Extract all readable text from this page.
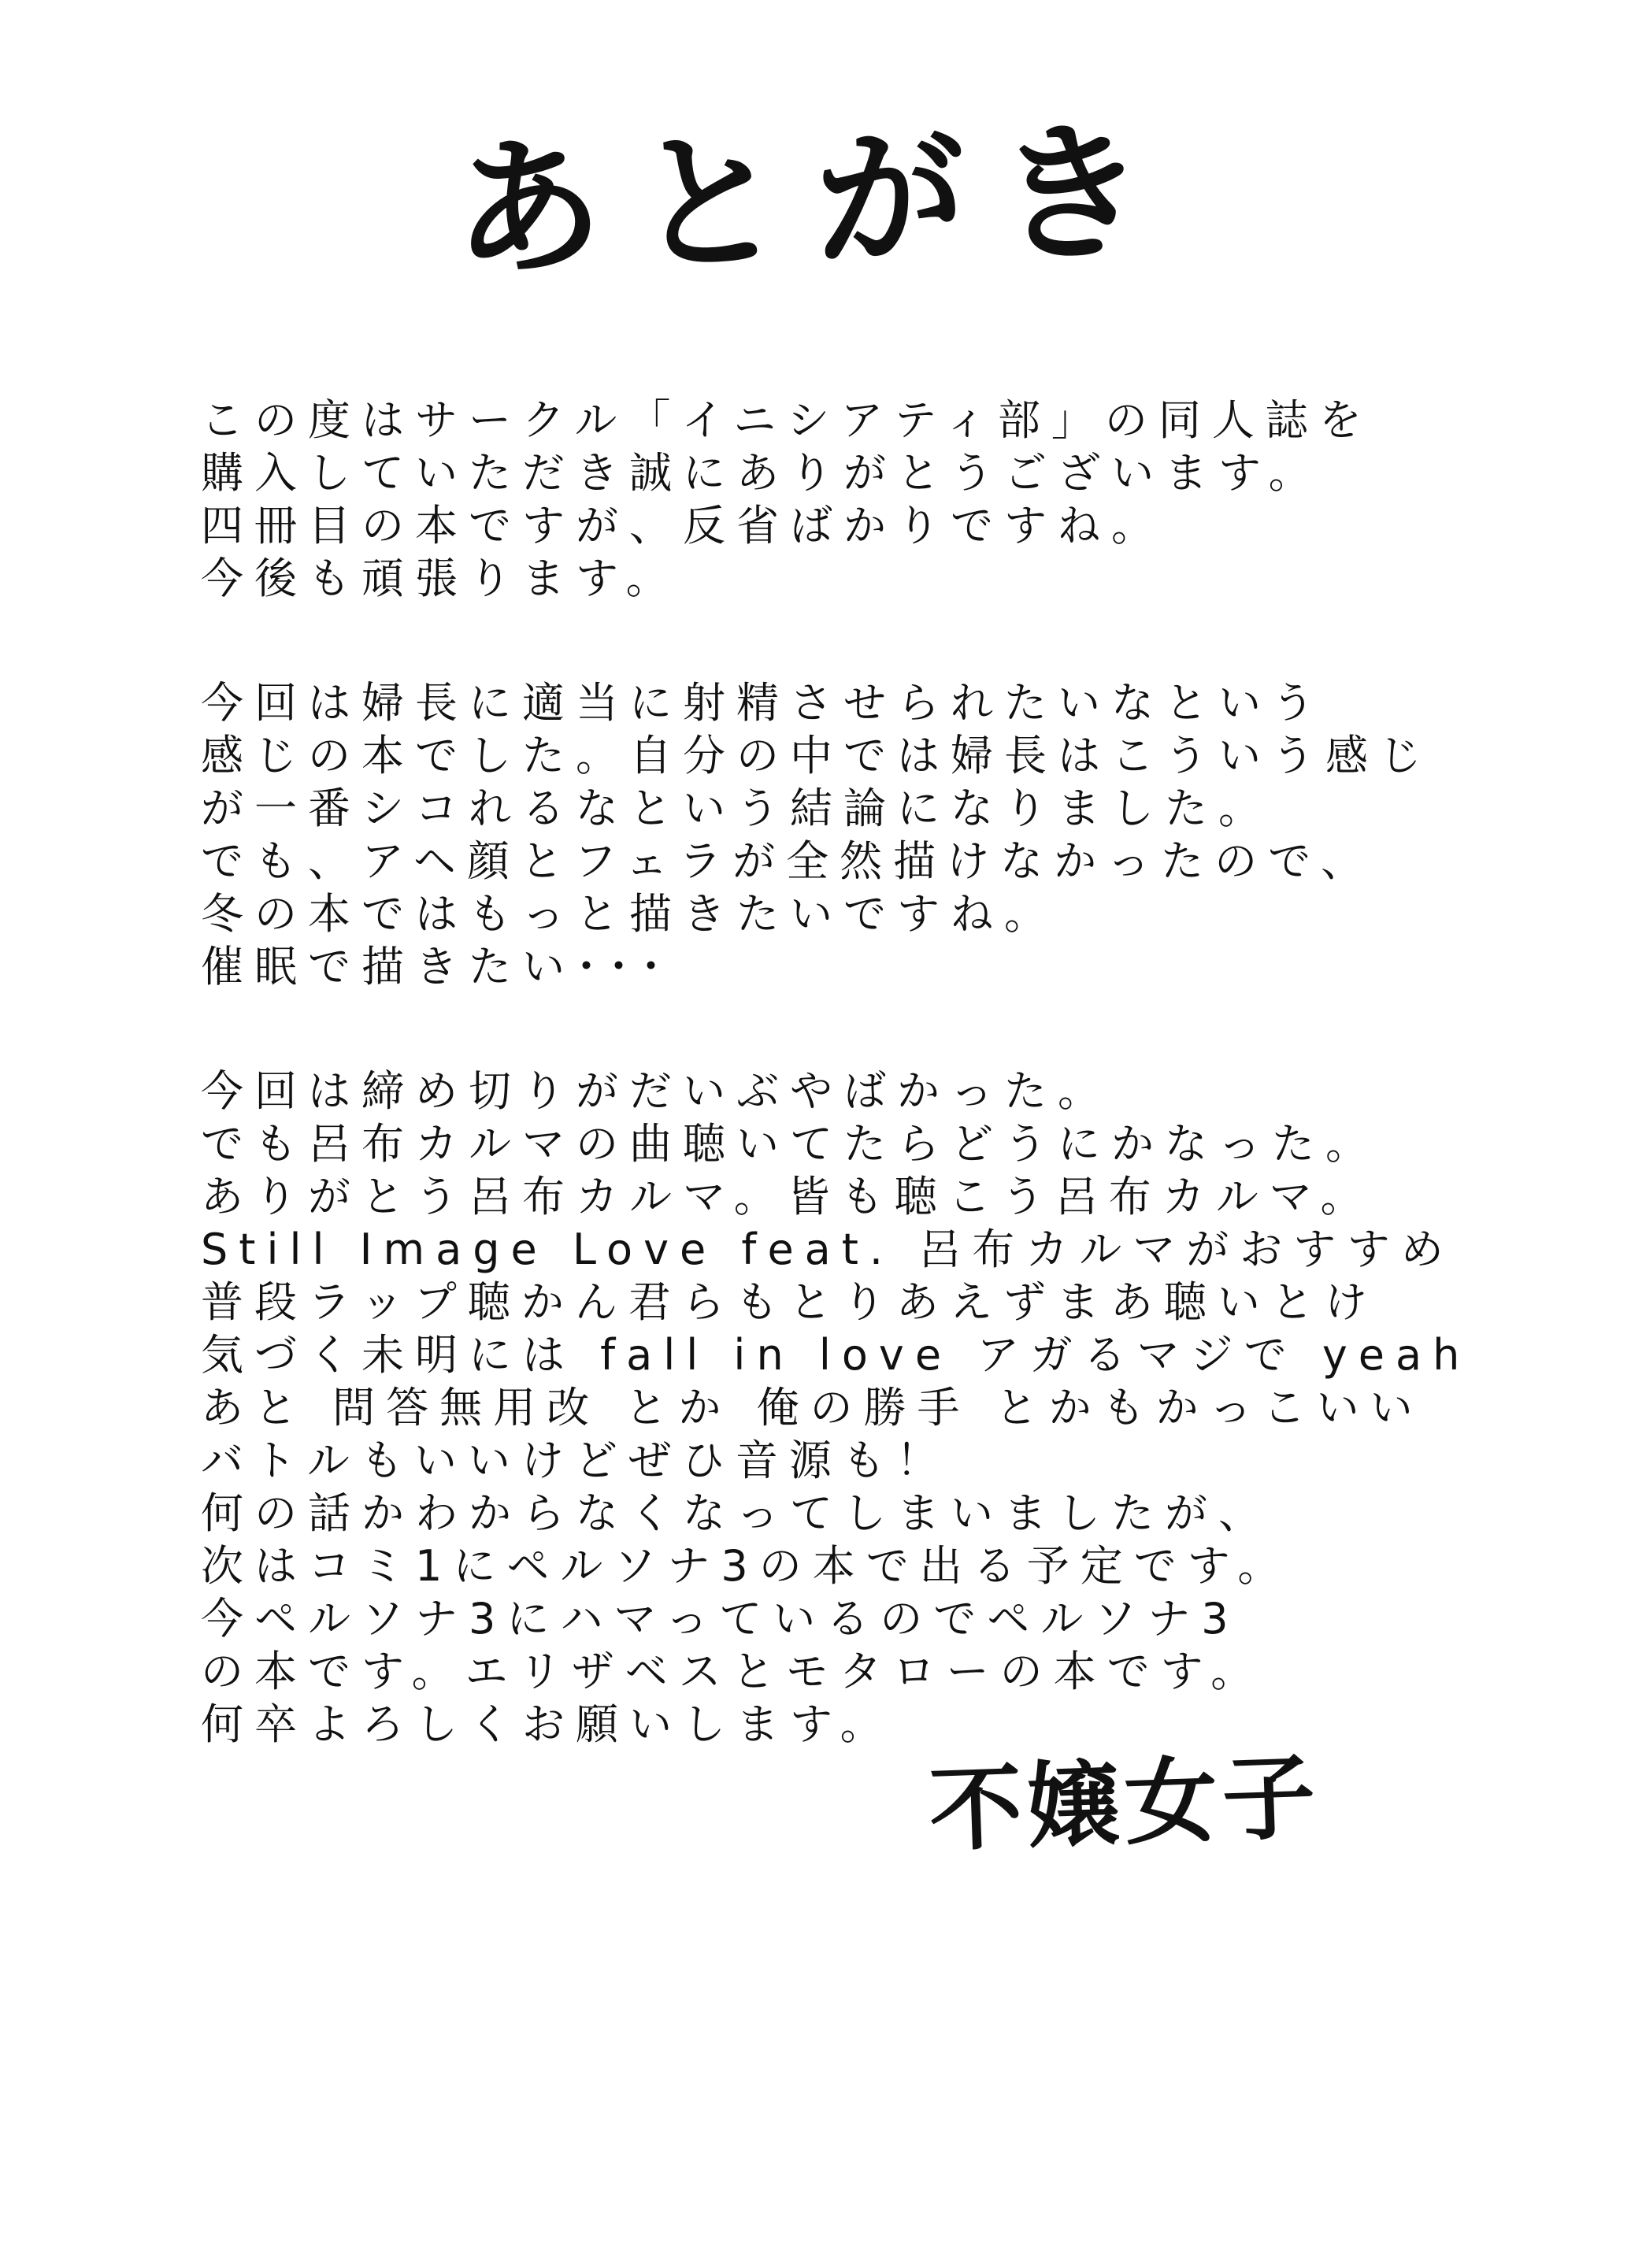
あとがき
この度はサークル「イニシアティ部」の同人誌を
購入していただき誠にありがとうございます。
四冊目の本ですが、反省ばかりですね。
今後も頑張ります。
今回は婦長に適当に射精させられたいなという
感じの本でした。自分の中では婦長はこういう感じ
が一番シコれるなという結論になりました。
でも、アヘ顔とフェラが全然描けなかったので、
冬の本ではもっと描きたいですね。
催眠で描きたい･･･
今回は締め切りがだいぶやばかった。
でも呂布カルマの曲聴いてたらどうにかなった。
ありがとう呂布カルマ。皆も聴こう呂布カルマ。
Still Image Love feat. 呂布カルマがおすすめ
普段ラップ聴かん君らもとりあえずまあ聴いとけ
気づく未明には fall in love アガるマジで yeah
あと 問答無用改 とか 俺の勝手 とかもかっこいい
バトルもいいけどぜひ音源も！
何の話かわからなくなってしまいましたが、
次はコミ1にペルソナ3の本で出る予定です。
今ペルソナ3にハマっているのでペルソナ3
の本です。エリザベスとモタローの本です。
何卒よろしくお願いします。
不嬢女子
